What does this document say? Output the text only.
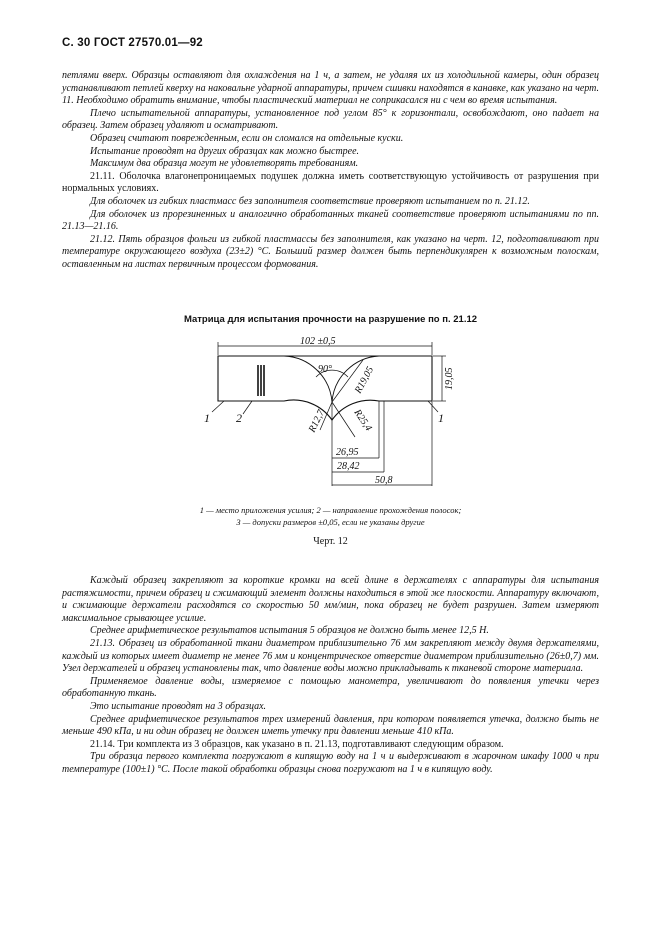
С. 30 ГОСТ 27570.01—92

петлями вверх. Образцы оставляют для охлаждения на 1 ч, а затем, не удаляя их из холодильной камеры, один образец устанавливают петлей кверху на наковальне ударной аппаратуры, причем сшивки находятся в канавке, как указано на черт. 11. Необходимо обратить внимание, чтобы пластический материал не соприкасался ни с чем во время испытания.

Плечо испытательной аппаратуры, установленное под углом 85° к горизонтали, освобождают, оно падает на образец. Затем образец удаляют и осматривают.

Образец считают поврежденным, если он сломался на отдельные куски.

Испытание проводят на других образцах как можно быстрее.

Максимум два образца могут не удовлетворять требованиям.

21.11. Оболочка влагонепроницаемых подушек должна иметь соответствующую устойчивость от разрушения при нормальных условиях.

Для оболочек из гибких пластмасс без заполнителя соответствие проверяют испытанием по п. 21.12.

Для оболочек из прорезиненных и аналогично обработанных тканей соответствие проверяют испытаниями по пп. 21.13—21.16.

21.12. Пять образцов фольги из гибкой пластмассы без заполнителя, как указано на черт. 12, подготавливают при температуре окружающего воздуха (23±2) °С. Больший размер должен быть перпендикулярен к возможным полоскам, оставленным на листах первичным процессом формования.

Матрица для испытания прочности на разрушение по п. 21.12
102 ±0,5
90°	19,05
R19,05
R12,7 R25,4
26,95
28,42
50,8
1 2	1
1 — место приложения усилия; 2 — направление прохождения полосок;
3 — допуски размеров ±0,05, если не указаны другие
Черт. 12

Каждый образец закрепляют за короткие кромки на всей длине в держателях с аппаратуры для испытания растяжимости, причем образец и сжимающий элемент должны находиться в этой же плоскости. Аппаратуру включают, и сжимающие держатели расходятся со скоростью 50 мм/мин, пока образец не будет разрушен. Затем измеряют максимальное срывающее усилие.

Среднее арифметическое результатов испытания 5 образцов не должно быть менее 12,5 Н.

21.13. Образец из обработанной ткани диаметром приблизительно 76 мм закрепляют между двумя держателями, каждый из которых имеет диаметр не менее 76 мм и концентрическое отверстие диаметром приблизительно (26±0,7) мм. Узел держателей и образец установлены так, что давление воды можно прикладывать к тканевой стороне материала.

Применяемое давление воды, измеряемое с помощью манометра, увеличивают до появления утечки через обработанную ткань.

Это испытание проводят на 3 образцах.

Среднее арифметическое результатов трех измерений давления, при котором появляется утечка, должно быть не меньше 490 кПа, и ни один образец не должен иметь утечку при давлении меньше 410 кПа.

21.14. Три комплекта из 3 образцов, как указано в п. 21.13, подготавливают следующим образом.

Три образца первого комплекта погружают в кипящую воду на 1 ч и выдерживают в жарочном шкафу 1000 ч при температуре (100±1) °С. После такой обработки образцы снова погружают на 1 ч в кипящую воду.
